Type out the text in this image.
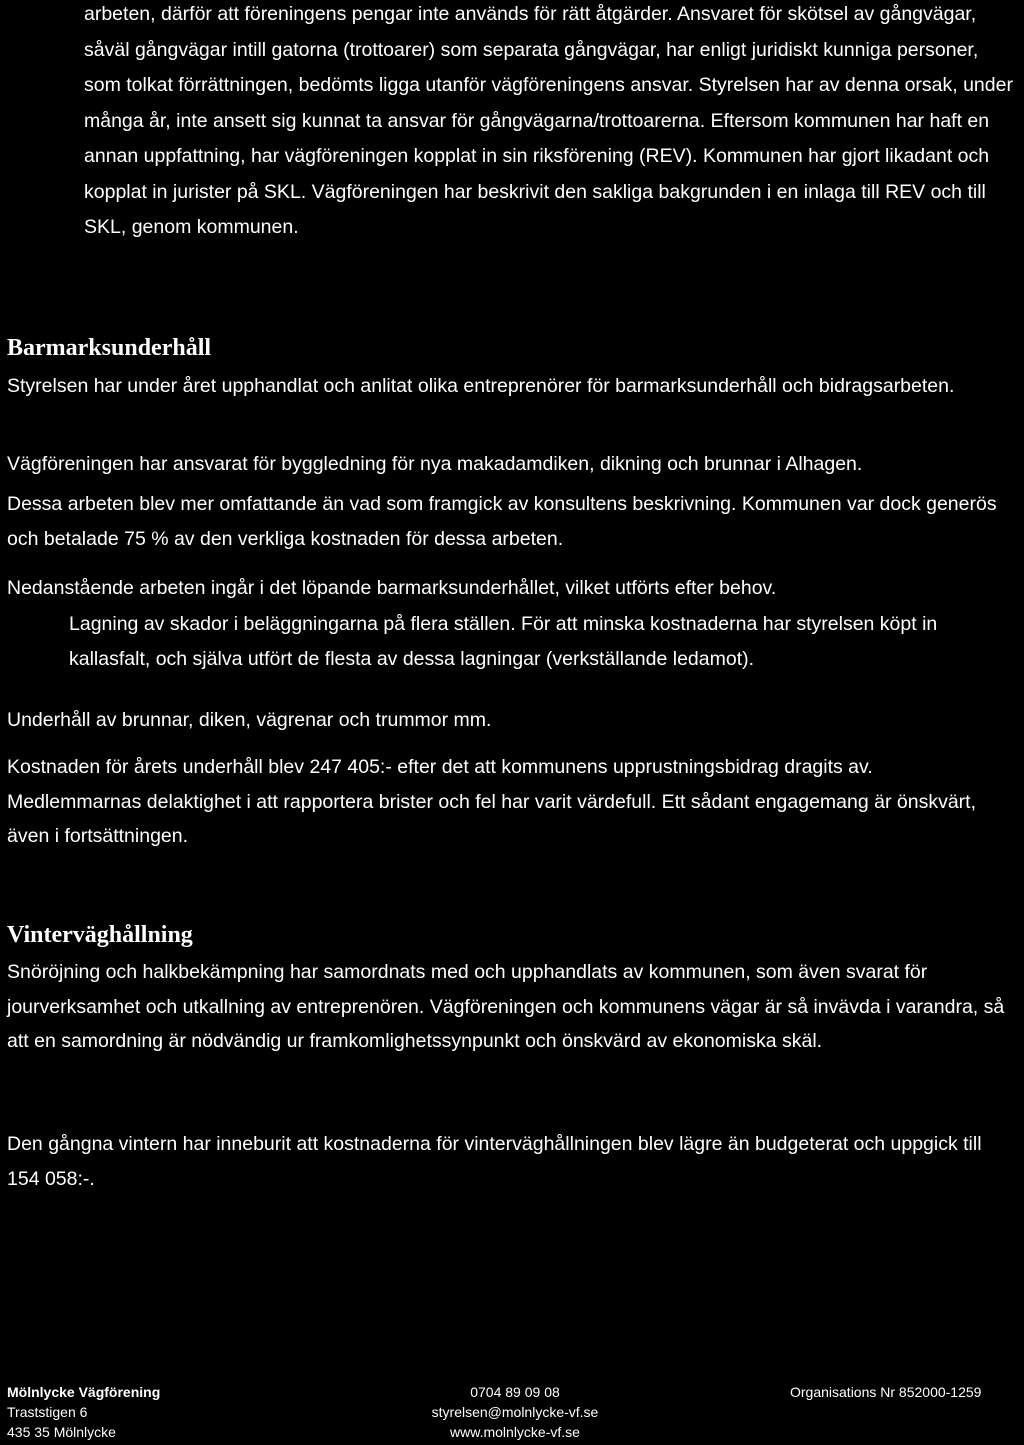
arbeten, därför att föreningens pengar inte används för rätt åtgärder. Ansvaret för skötsel av gångvägar, såväl gångvägar intill gatorna (trottoarer) som separata gångvägar, har enligt juridiskt kunniga personer, som tolkat förrättningen, bedömts ligga utanför vägföreningens ansvar. Styrelsen har av denna orsak, under många år, inte ansett sig kunnat ta ansvar för gångvägarna/trottoarerna. Eftersom kommunen har haft en annan uppfattning, har vägföreningen kopplat in sin riksförening (REV). Kommunen har gjort likadant och kopplat in jurister på SKL. Vägföreningen har beskrivit den sakliga bakgrunden i en inlaga till REV och till SKL, genom kommunen.

Barmarksunderhåll

Styrelsen har under året upphandlat och anlitat olika entreprenörer för barmarksunderhåll och bidragsarbeten.

Vägföreningen har ansvarat för byggledning för nya makadamdiken, dikning och brunnar i Alhagen.

Dessa arbeten blev mer omfattande än vad som framgick av konsultens beskrivning. Kommunen var dock generös och betalade 75 % av den verkliga kostnaden för dessa arbeten.

Nedanstående arbeten ingår i det löpande barmarksunderhållet, vilket utförts efter behov.

Lagning av skador i beläggningarna på flera ställen. För att minska kostnaderna har styrelsen köpt in kallasfalt, och själva utfört de flesta av dessa lagningar (verkställande ledamot).

Underhåll av brunnar, diken, vägrenar och trummor mm.

Kostnaden för årets underhåll blev 247 405:- efter det att kommunens upprustningsbidrag dragits av. Medlemmarnas delaktighet i att rapportera brister och fel har varit värdefull. Ett sådant engagemang är önskvärt, även i fortsättningen.

Vinterväghållning

Snöröjning och halkbekämpning har samordnats med och upphandlats av kommunen, som även svarat för jourverksamhet och utkallning av entreprenören. Vägföreningen och kommunens vägar är så invävda i varandra, så att en samordning är nödvändig ur framkomlighetssynpunkt och önskvärd av ekonomiska skäl.

Den gångna vintern har inneburit att kostnaderna för vinterväghållningen blev lägre än budgeterat och uppgick till 154 058:-.

Mölnlycke Vägförening
Traststigen 6
435 35 Mölnlycke
0704 89 09 08
styrelsen@molnlycke-vf.se
www.molnlycke-vf.se
Organisations Nr 852000-1259
